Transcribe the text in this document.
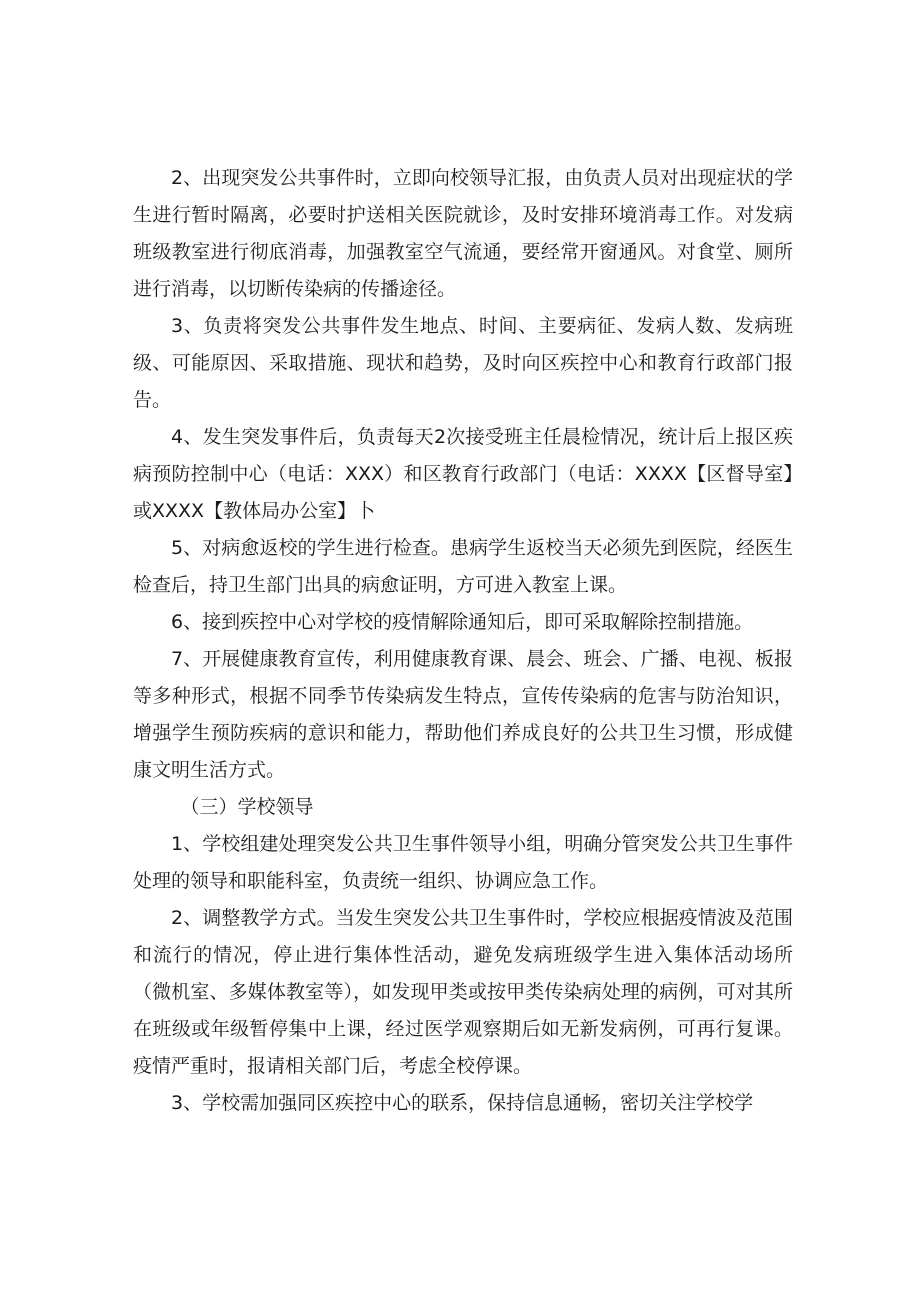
2、出现突发公共事件时，立即向校领导汇报，由负责人员对出现症状的学生进行暂时隔离，必要时护送相关医院就诊，及时安排环境消毒工作。对发病班级教室进行彻底消毒，加强教室空气流通，要经常开窗通风。对食堂、厕所进行消毒，以切断传染病的传播途径。

3、负责将突发公共事件发生地点、时间、主要病征、发病人数、发病班级、可能原因、采取措施、现状和趋势，及时向区疾控中心和教育行政部门报告。

4、发生突发事件后，负责每天2次接受班主任晨检情况，统计后上报区疾病预防控制中心（电话：XXX）和区教育行政部门（电话：XXXX【区督导室】或XXXX【教体局办公室】卜

5、对病愈返校的学生进行检查。患病学生返校当天必须先到医院，经医生检查后，持卫生部门出具的病愈证明，方可进入教室上课。

6、接到疾控中心对学校的疫情解除通知后，即可采取解除控制措施。

7、开展健康教育宣传，利用健康教育课、晨会、班会、广播、电视、板报等多种形式，根据不同季节传染病发生特点，宣传传染病的危害与防治知识，增强学生预防疾病的意识和能力，帮助他们养成良好的公共卫生习惯，形成健康文明生活方式。

（三）学校领导

1、学校组建处理突发公共卫生事件领导小组，明确分管突发公共卫生事件处理的领导和职能科室，负责统一组织、协调应急工作。

2、调整教学方式。当发生突发公共卫生事件时，学校应根据疫情波及范围和流行的情况，停止进行集体性活动，避免发病班级学生进入集体活动场所（微机室、多媒体教室等），如发现甲类或按甲类传染病处理的病例，可对其所在班级或年级暂停集中上课，经过医学观察期后如无新发病例，可再行复课。疫情严重时，报请相关部门后，考虑全校停课。

3、学校需加强同区疾控中心的联系，保持信息通畅，密切关注学校学
